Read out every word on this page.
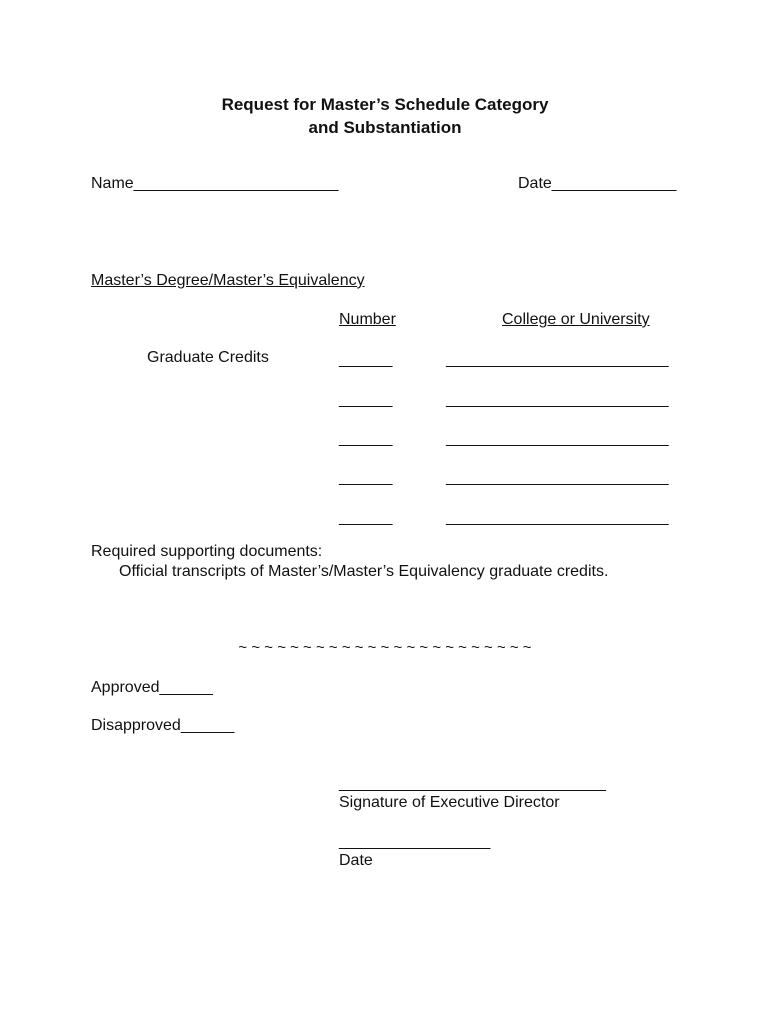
Request for Master’s Schedule Category
and Substantiation
Name_______________________	Date______________
Master’s Degree/Master’s Equivalency
Number	College or University
Graduate Credits	______	_________________________
______	_________________________
______	_________________________
______	_________________________
______	_________________________
Required supporting documents:
Official transcripts of Master’s/Master’s Equivalency graduate credits.
~ ~ ~ ~ ~ ~ ~ ~ ~ ~ ~ ~ ~ ~ ~ ~ ~ ~ ~ ~ ~ ~ ~
Approved______
Disapproved______
______________________________
Signature of Executive Director
_________________
Date
